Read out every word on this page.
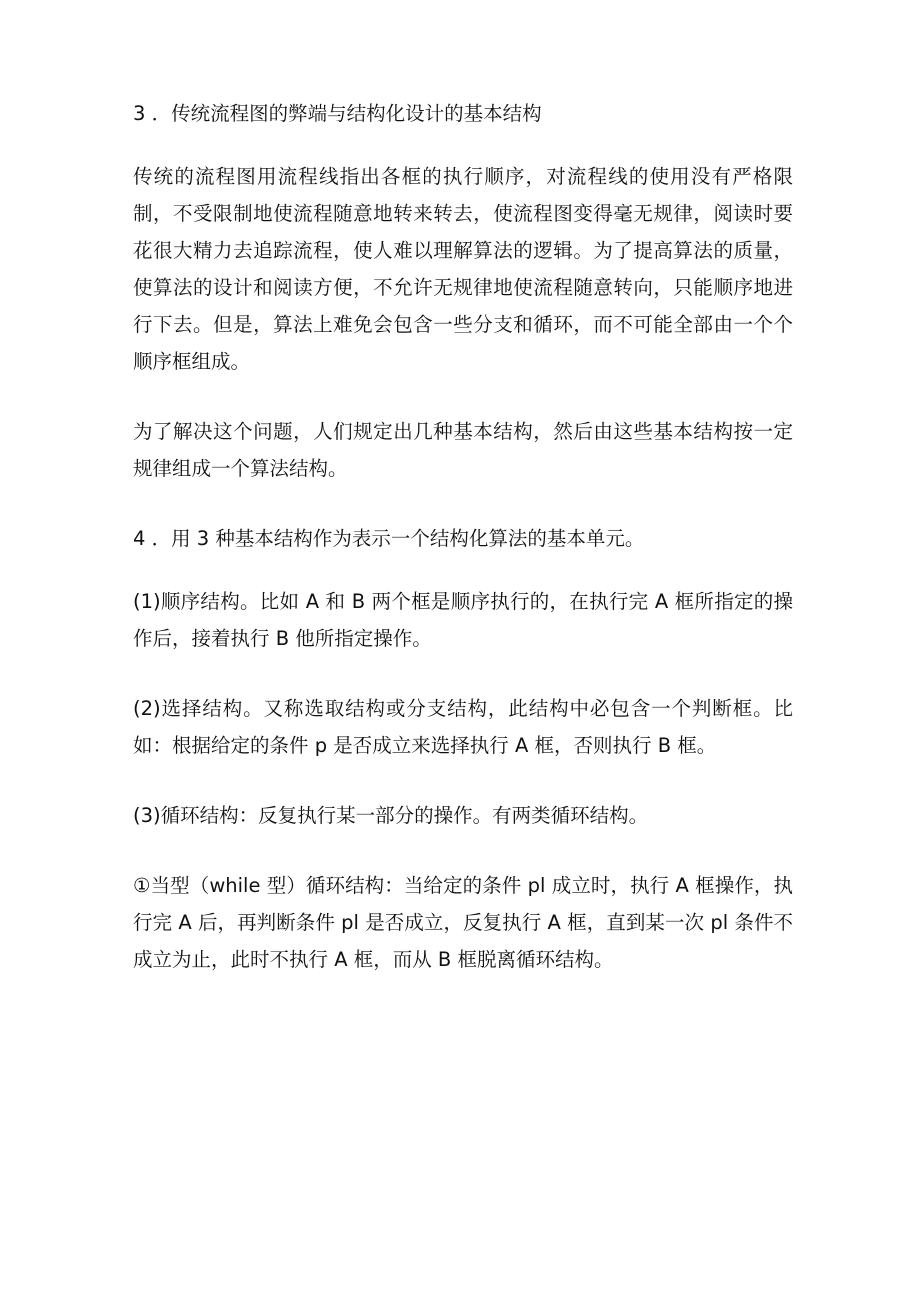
3 ．传统流程图的弊端与结构化设计的基本结构

传统的流程图用流程线指出各框的执行顺序，对流程线的使用没有严格限制，不受限制地使流程随意地转来转去，使流程图变得毫无规律，阅读时要花很大精力去追踪流程，使人难以理解算法的逻辑。为了提高算法的质量，使算法的设计和阅读方便，不允许无规律地使流程随意转向，只能顺序地进行下去。但是，算法上难免会包含一些分支和循环，而不可能全部由一个个顺序框组成。

为了解决这个问题，人们规定出几种基本结构，然后由这些基本结构按一定规律组成一个算法结构。

4 ．用 3 种基本结构作为表示一个结构化算法的基本单元。

(1)顺序结构。比如 A 和 B 两个框是顺序执行的，在执行完 A 框所指定的操作后，接着执行 B 他所指定操作。

(2)选择结构。又称选取结构或分支结构，此结构中必包含一个判断框。比如：根据给定的条件 p 是否成立来选择执行 A 框，否则执行 B 框。

(3)循环结构：反复执行某一部分的操作。有两类循环结构。

①当型（while 型）循环结构：当给定的条件 pl 成立时，执行 A 框操作，执行完 A 后，再判断条件 pl 是否成立，反复执行 A 框，直到某一次 pl 条件不成立为止，此时不执行 A 框，而从 B 框脱离循环结构。
